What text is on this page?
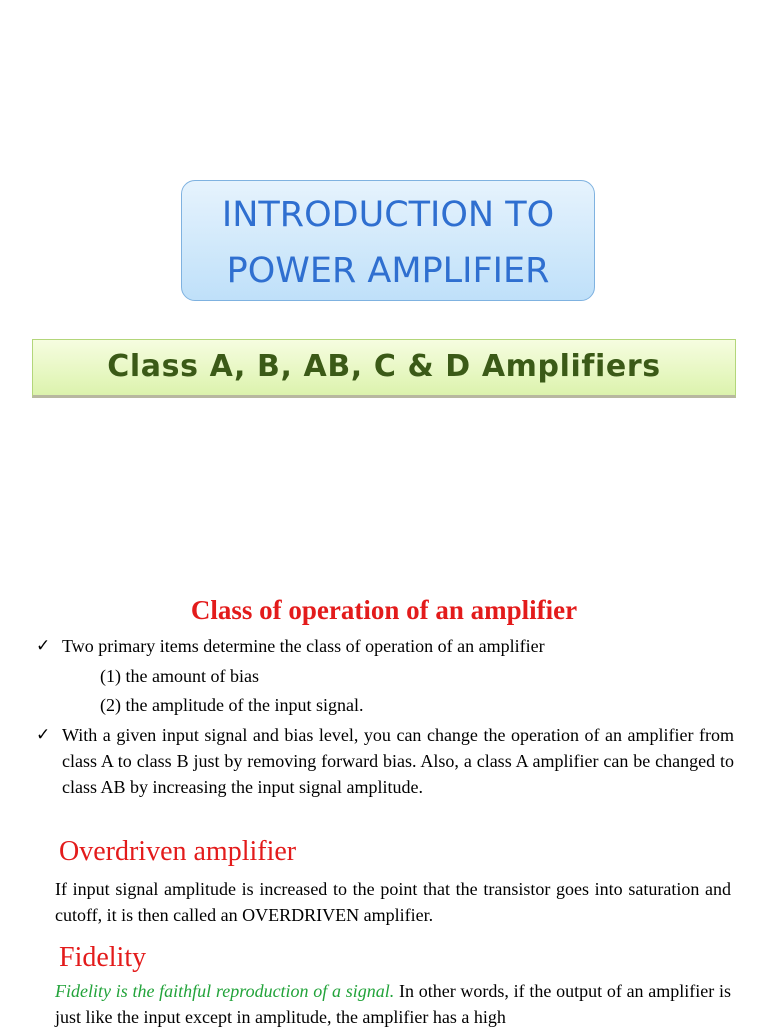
INTRODUCTION TO
POWER AMPLIFIER
Class A, B, AB, C & D Amplifiers
Class of operation of an amplifier
✓ Two primary items determine the class of operation of an amplifier
(1) the amount of bias
(2) the amplitude of the input signal.
✓ With a given input signal and bias level, you can change the operation of an amplifier from class A to class B just by removing forward bias. Also, a class A amplifier can be changed to class AB by increasing the input signal amplitude.
Overdriven amplifier
If input signal amplitude is increased to the point that the transistor goes into saturation and cutoff, it is then called an OVERDRIVEN amplifier.
Fidelity
Fidelity is the faithful reproduction of a signal. In other words, if the output of an amplifier is just like the input except in amplitude, the amplifier has a high
